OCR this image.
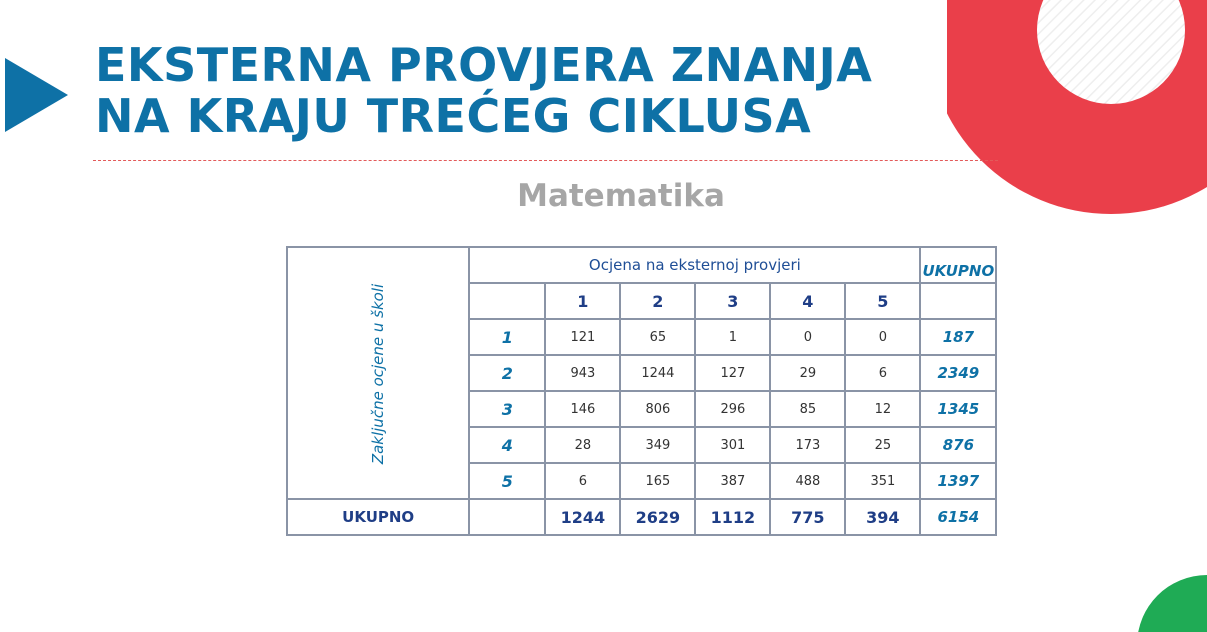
EKSTERNA PROVJERA ZNANJA
NA KRAJU TREĆEG CIKLUSA
Matematika
Zaključne ocjene u školi	Ocjena na eksternoj provjeri						UKUPNO
		1	2	3	4	5	
	1	121	65	1	0	0	187
	2	943	1244	127	29	6	2349
	3	146	806	296	85	12	1345
	4	28	349	301	173	25	876
	5	6	165	387	488	351	1397
UKUPNO		1244	2629	1112	775	394	6154
